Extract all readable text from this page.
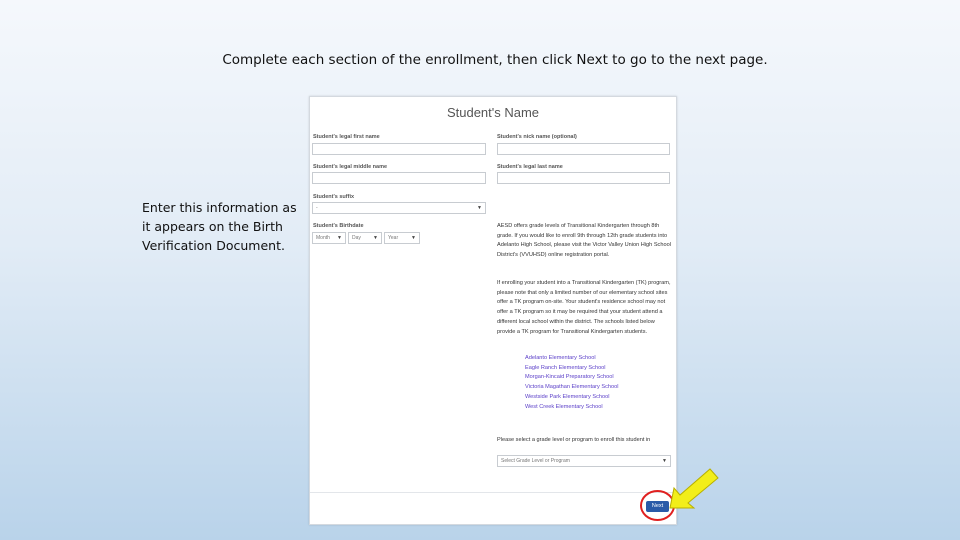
Complete each section of the enrollment, then click Next to go to the next page.
Enter this information as it appears on the Birth Verification Document.
Student's Name
Student's legal first name	Student's nick name (optional)
Student's legal middle name	Student's legal last name
Student's suffix
-	▼
Student's Birthdate
Month ▼	Day ▼	Year	▼
AESD offers grade levels of Transitional Kindergarten through 8th grade. If you would like to enroll 9th through 12th grade students into Adelanto High School, please visit the Victor Valley Union High School District's (VVUHSD) online registration portal.
If enrolling your student into a Transitional Kindergarten (TK) program, please note that only a limited number of our elementary school sites offer a TK program on-site. Your student's residence school may not offer a TK program so it may be required that your student attend a different local school within the district. The schools listed below provide a TK program for Transitional Kindergarten students.
Adelanto Elementary School
Eagle Ranch Elementary School
Morgan-Kincaid Preparatory School
Victoria Magathan Elementary School
Westside Park Elementary School
West Creek Elementary School
Please select a grade level or program to enroll this student in
Select Grade Level or Program	▼
Next
